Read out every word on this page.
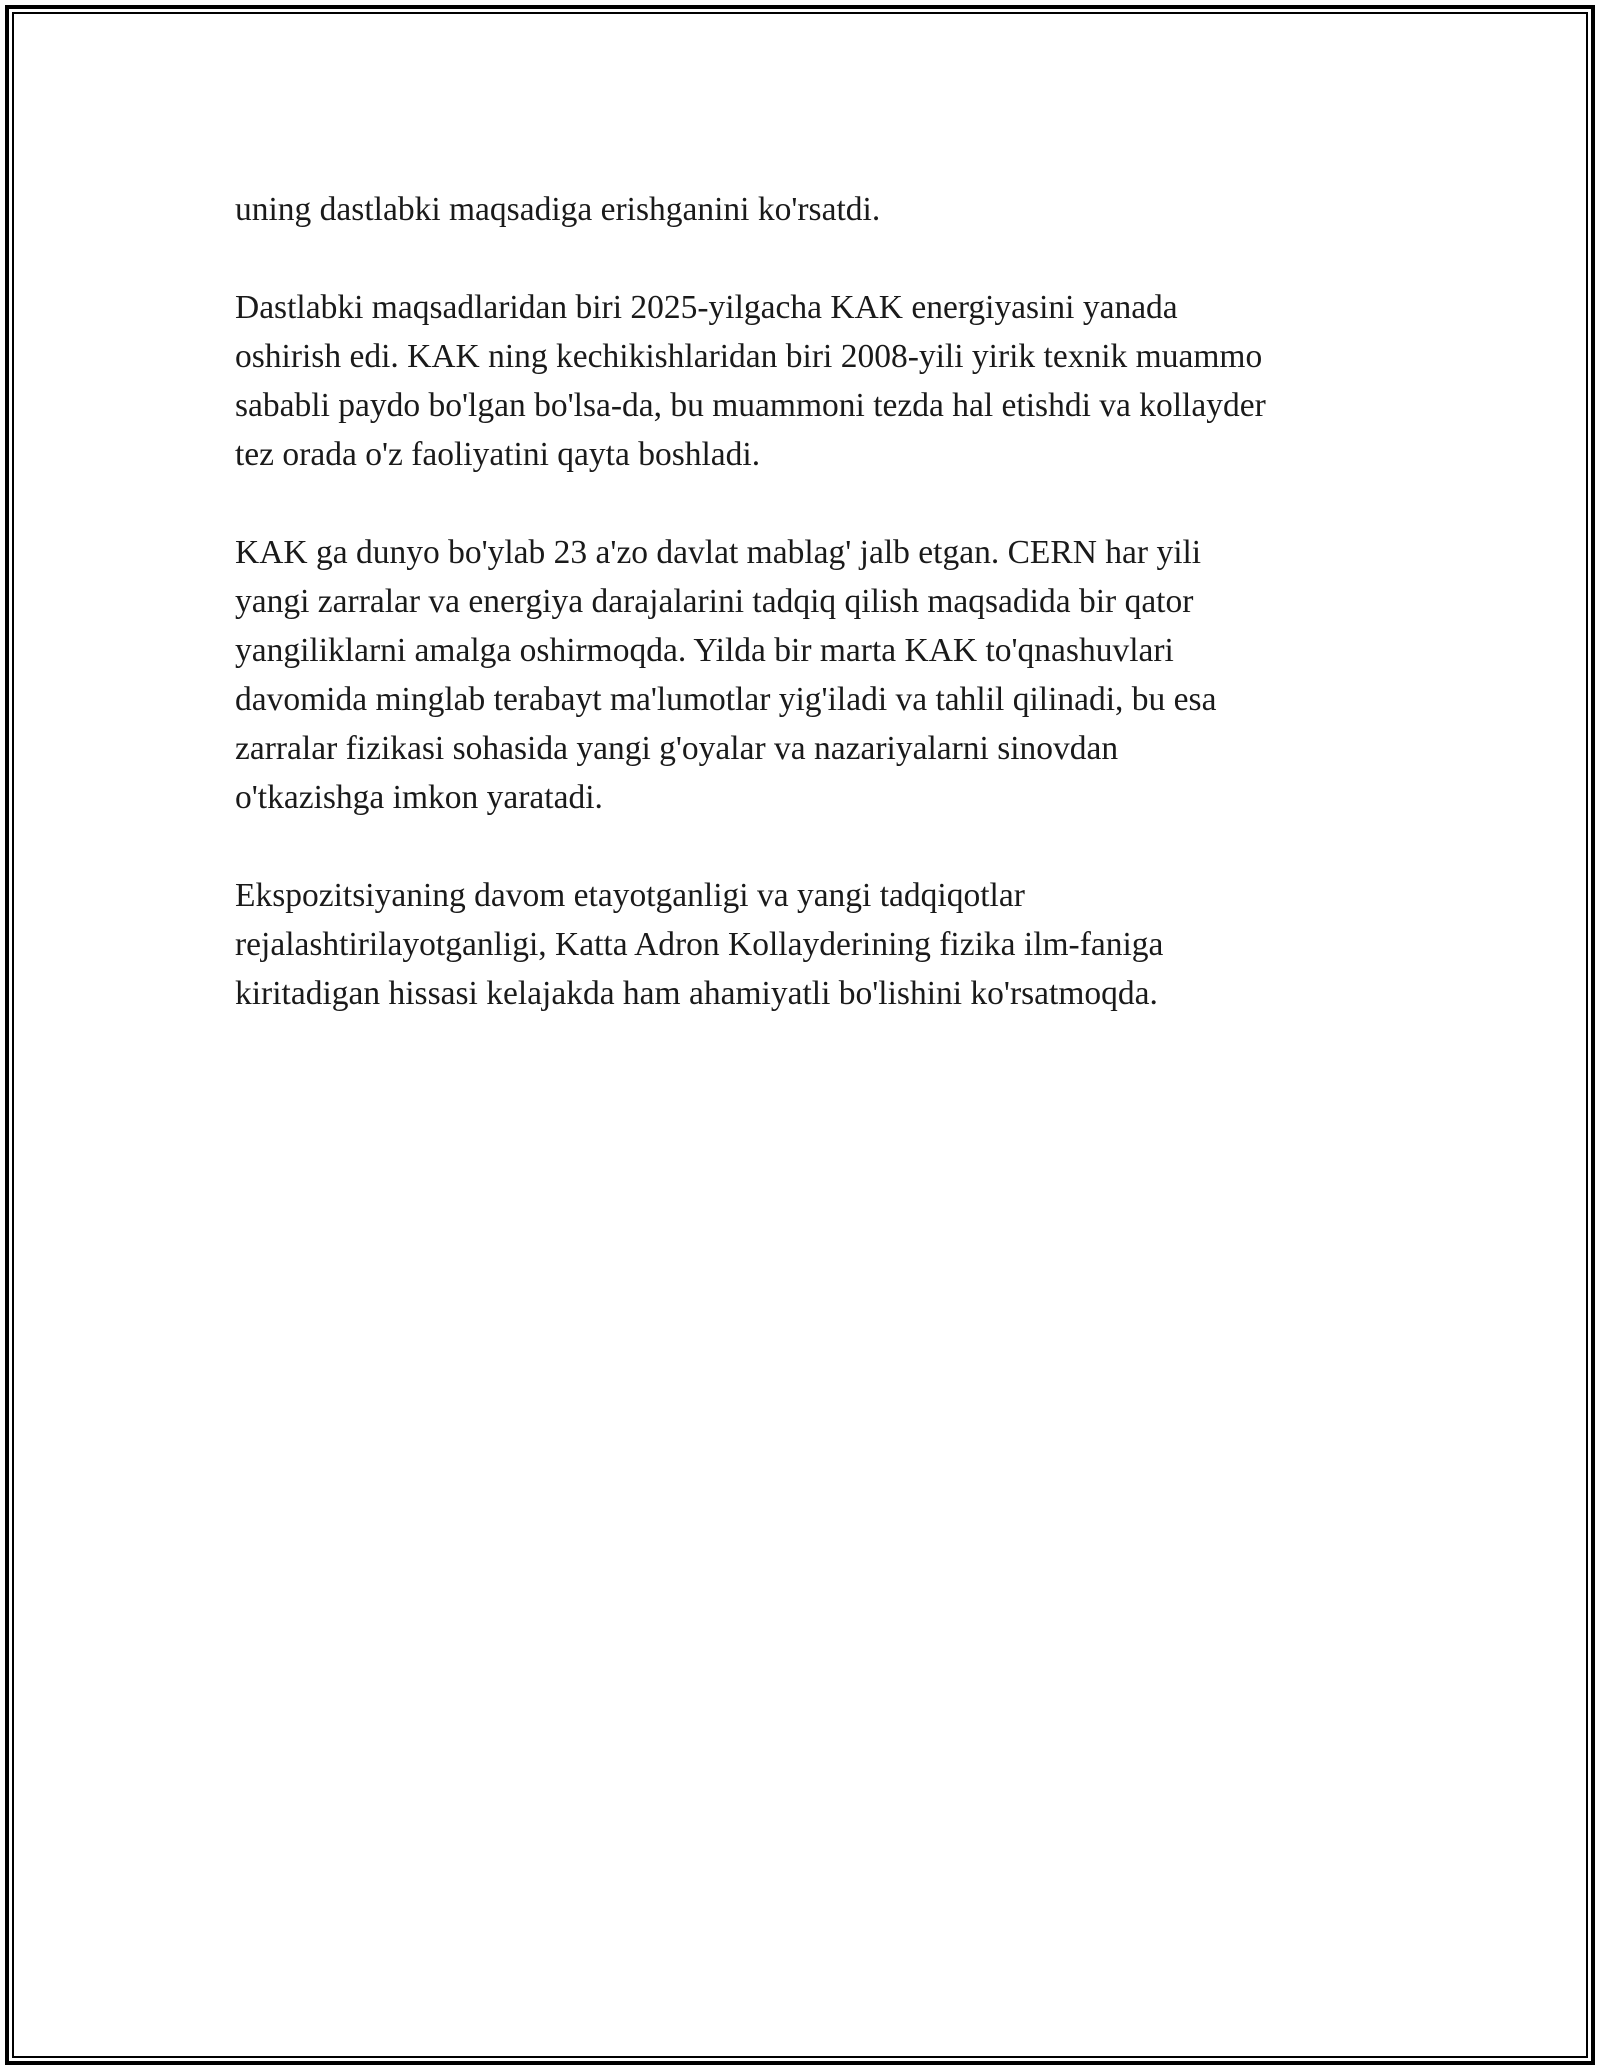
uning dastlabki maqsadiga erishganini ko'rsatdi.

Dastlabki maqsadlaridan biri 2025-yilgacha KAK energiyasini yanada
oshirish edi. KAK ning kechikishlaridan biri 2008-yili yirik texnik muammo
sababli paydo bo'lgan bo'lsa-da, bu muammoni tezda hal etishdi va kollayder
tez orada o'z faoliyatini qayta boshladi.

KAK ga dunyo bo'ylab 23 a'zo davlat mablag' jalb etgan. CERN har yili
yangi zarralar va energiya darajalarini tadqiq qilish maqsadida bir qator
yangiliklarni amalga oshirmoqda. Yilda bir marta KAK to'qnashuvlari
davomida minglab terabayt ma'lumotlar yig'iladi va tahlil qilinadi, bu esa
zarralar fizikasi sohasida yangi g'oyalar va nazariyalarni sinovdan
o'tkazishga imkon yaratadi.

Ekspozitsiyaning davom etayotganligi va yangi tadqiqotlar
rejalashtirilayotganligi, Katta Adron Kollayderining fizika ilm-faniga
kiritadigan hissasi kelajakda ham ahamiyatli bo'lishini ko'rsatmoqda.
